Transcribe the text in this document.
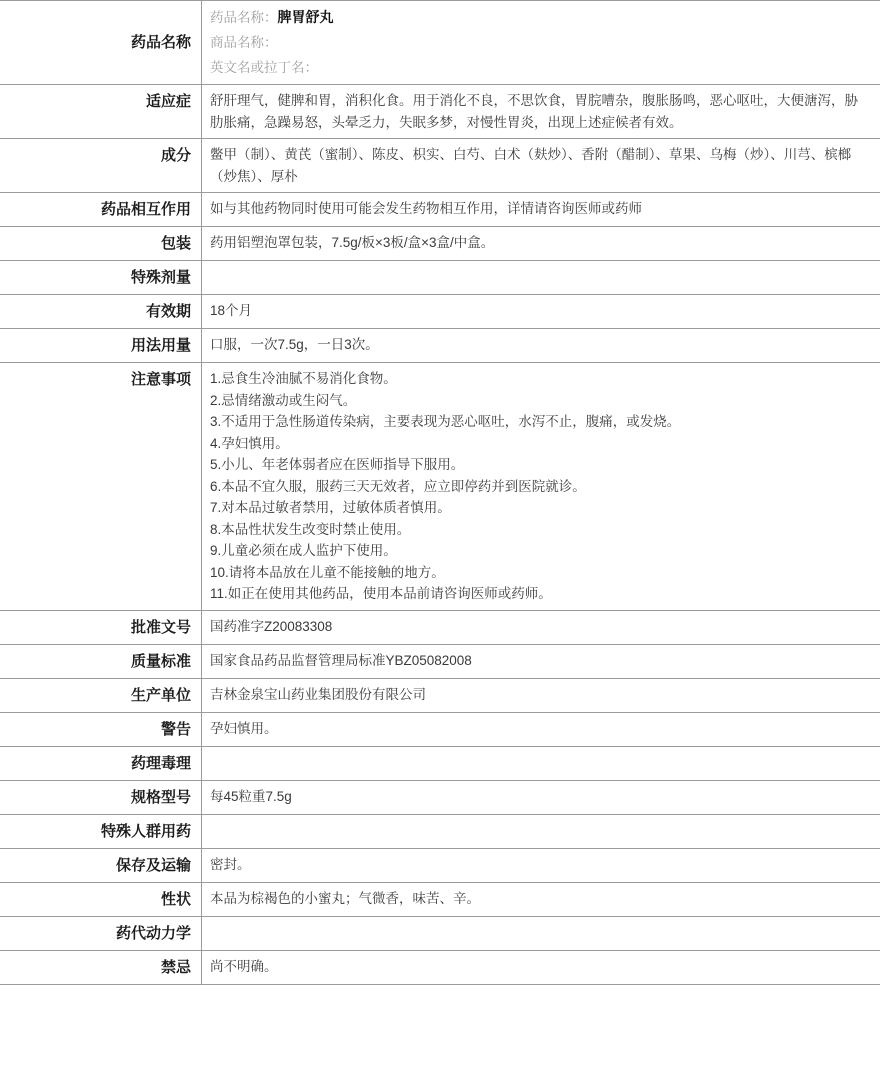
药品名称
药品名称：脾胃舒丸
商品名称：
英文名或拉丁名：
适应症	舒肝理气，健脾和胃，消积化食。用于消化不良，不思饮食，胃脘嘈杂，腹胀肠鸣，恶心呕吐，大便溏泻，胁肋胀痛，急躁易怒，头晕乏力，失眠多梦，对慢性胃炎，出现上述症候者有效。
成分	鳖甲（制）、黄芪（蜜制）、陈皮、枳实、白芍、白术（麸炒）、香附（醋制）、草果、乌梅（炒）、川芎、槟榔（炒焦）、厚朴
药品相互作用	如与其他药物同时使用可能会发生药物相互作用，详情请咨询医师或药师
包装	药用铝塑泡罩包装，7.5g/板×3板/盒×3盒/中盒。
特殊剂量
有效期	18个月
用法用量	口服，一次7.5g，一日3次。
注意事项	1.忌食生冷油腻不易消化食物。
2.忌情绪激动或生闷气。
3.不适用于急性肠道传染病，主要表现为恶心呕吐，水泻不止，腹痛，或发烧。
4.孕妇慎用。
5.小儿、年老体弱者应在医师指导下服用。
6.本品不宜久服，服药三天无效者，应立即停药并到医院就诊。
7.对本品过敏者禁用，过敏体质者慎用。
8.本品性状发生改变时禁止使用。
9.儿童必须在成人监护下使用。
10.请将本品放在儿童不能接触的地方。
11.如正在使用其他药品，使用本品前请咨询医师或药师。
批准文号	国药准字Z20083308
质量标准	国家食品药品监督管理局标准YBZ05082008
生产单位	吉林金泉宝山药业集团股份有限公司
警告	孕妇慎用。
药理毒理
规格型号	每45粒重7.5g
特殊人群用药
保存及运输	密封。
性状	本品为棕褐色的小蜜丸；气微香，味苦、辛。
药代动力学
禁忌	尚不明确。
